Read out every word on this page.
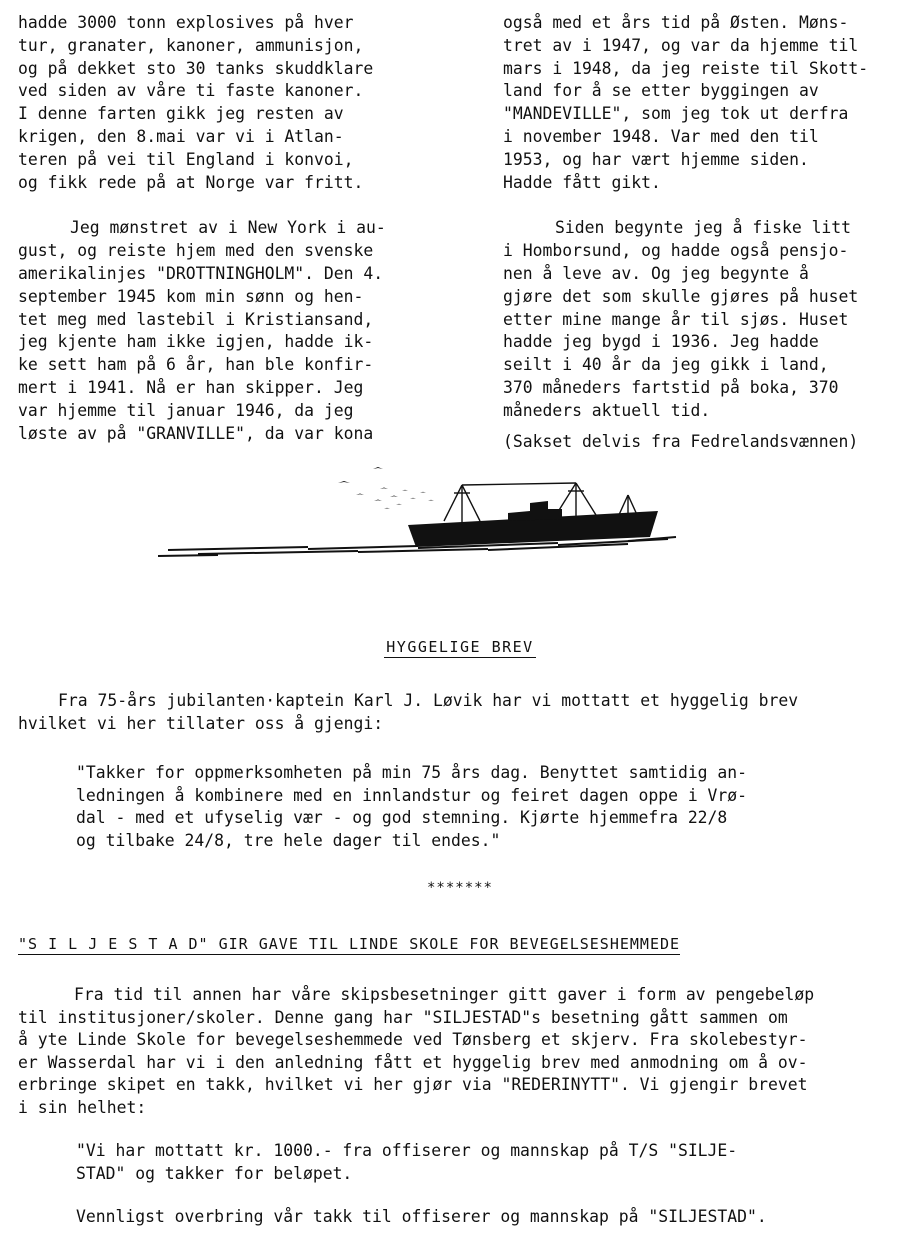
hadde 3000 tonn explosives på hver
tur, granater, kanoner, ammunisjon,
og på dekket sto 30 tanks skuddklare
ved siden av våre ti faste kanoner.
I denne farten gikk jeg resten av
krigen, den 8.mai var vi i Atlan-
teren på vei til England i konvoi,
og fikk rede på at Norge var fritt.

Jeg mønstret av i New York i au-
gust, og reiste hjem med den svenske
amerikalinjes "DROTTNINGHOLM". Den 4.
september 1945 kom min sønn og hen-
tet meg med lastebil i Kristiansand,
jeg kjente ham ikke igjen, hadde ik-
ke sett ham på 6 år, han ble konfir-
mert i 1941. Nå er han skipper. Jeg
var hjemme til januar 1946, da jeg
løste av på "GRANVILLE", da var kona

også med et års tid på Østen. Møns-
tret av i 1947, og var da hjemme til
mars i 1948, da jeg reiste til Skott-
land for å se etter byggingen av
"MANDEVILLE", som jeg tok ut derfra
i november 1948. Var med den til
1953, og har vært hjemme siden.
Hadde fått gikt.

Siden begynte jeg å fiske litt
i Homborsund, og hadde også pensjo-
nen å leve av. Og jeg begynte å
gjøre det som skulle gjøres på huset
etter mine mange år til sjøs. Huset
hadde jeg bygd i 1936. Jeg hadde
seilt i 40 år da jeg gikk i land,
370 måneders fartstid på boka, 370
måneders aktuell tid.

(Sakset delvis fra Fedrelandsvænnen)

HYGGELIGE BREV
Fra 75-års jubilanten·kaptein Karl J. Løvik har vi mottatt et hyggelig brev
hvilket vi her tillater oss å gjengi:
"Takker for oppmerksomheten på min 75 års dag. Benyttet samtidig an-
ledningen å kombinere med en innlandstur og feiret dagen oppe i Vrø-
dal - med et ufyselig vær - og god stemning. Kjørte hjemmefra 22/8
og tilbake 24/8, tre hele dager til endes."
*******
"S I L J E S T A D" GIR GAVE TIL LINDE SKOLE FOR BEVEGELSESHEMMEDE
Fra tid til annen har våre skipsbesetninger gitt gaver i form av pengebeløp
til institusjoner/skoler. Denne gang har "SILJESTAD"s besetning gått sammen om
å yte Linde Skole for bevegelseshemmede ved Tønsberg et skjerv. Fra skolebestyr-
er Wasserdal har vi i den anledning fått et hyggelig brev med anmodning om å ov-
erbringe skipet en takk, hvilket vi her gjør via "REDERINYTT". Vi gjengir brevet
i sin helhet:
"Vi har mottatt kr. 1000.- fra offiserer og mannskap på T/S "SILJE-
STAD" og takker for beløpet.
Vennligst overbring vår takk til offiserer og mannskap på "SILJESTAD".
